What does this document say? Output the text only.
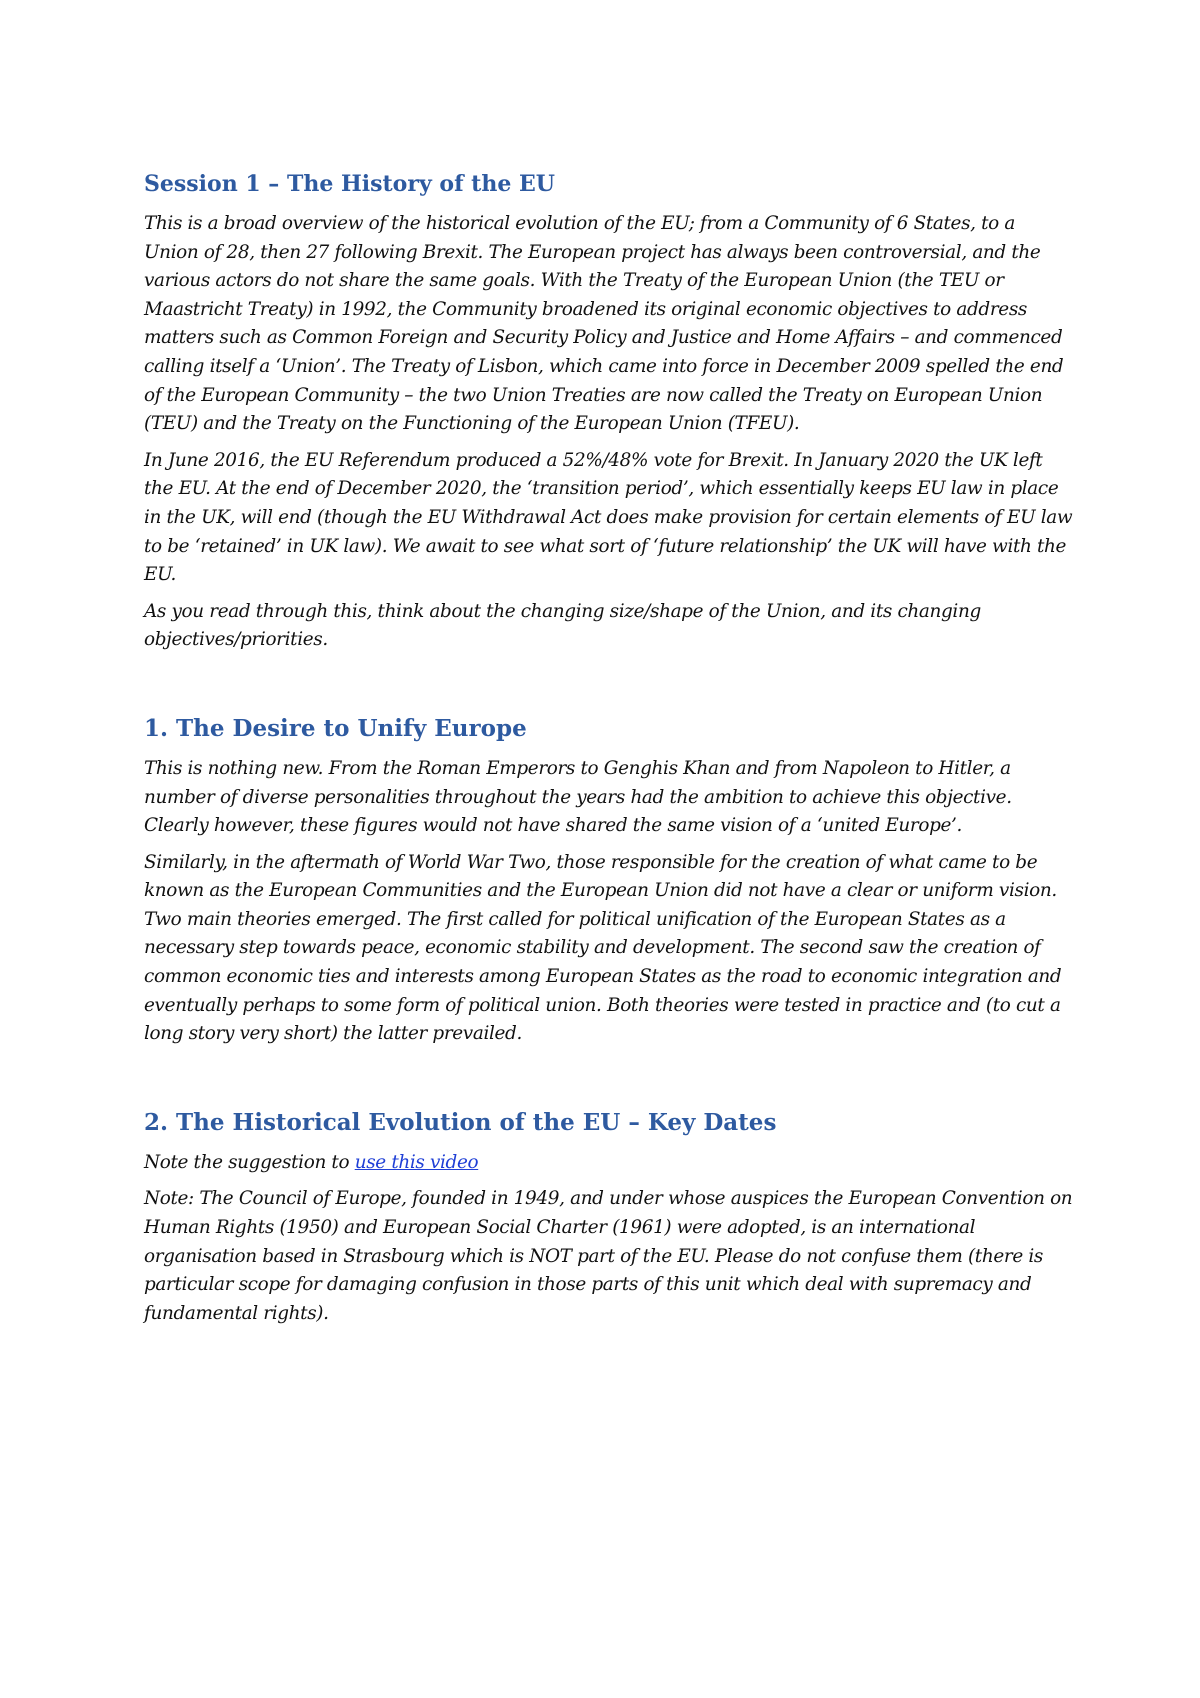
Session 1 – The History of the EU

This is a broad overview of the historical evolution of the EU; from a Community of 6 States, to a Union of 28, then 27 following Brexit. The European project has always been controversial, and the various actors do not share the same goals. With the Treaty of the European Union (the TEU or Maastricht Treaty) in 1992, the Community broadened its original economic objectives to address matters such as Common Foreign and Security Policy and Justice and Home Affairs – and commenced calling itself a ‘Union’. The Treaty of Lisbon, which came into force in December 2009 spelled the end of the European Community – the two Union Treaties are now called the Treaty on European Union (TEU) and the Treaty on the Functioning of the European Union (TFEU).

In June 2016, the EU Referendum produced a 52%/48% vote for Brexit. In January 2020 the UK left the EU. At the end of December 2020, the ‘transition period’, which essentially keeps EU law in place in the UK, will end (though the EU Withdrawal Act does make provision for certain elements of EU law to be ‘retained’ in UK law). We await to see what sort of ‘future relationship’ the UK will have with the EU.

As you read through this, think about the changing size/shape of the Union, and its changing objectives/priorities.

1. The Desire to Unify Europe

This is nothing new. From the Roman Emperors to Genghis Khan and from Napoleon to Hitler, a number of diverse personalities throughout the years had the ambition to achieve this objective. Clearly however, these figures would not have shared the same vision of a ‘united Europe’.

Similarly, in the aftermath of World War Two, those responsible for the creation of what came to be known as the European Communities and the European Union did not have a clear or uniform vision. Two main theories emerged. The first called for political unification of the European States as a necessary step towards peace, economic stability and development. The second saw the creation of common economic ties and interests among European States as the road to economic integration and eventually perhaps to some form of political union. Both theories were tested in practice and (to cut a long story very short) the latter prevailed.

2. The Historical Evolution of the EU – Key Dates

Note the suggestion to use this video

Note: The Council of Europe, founded in 1949, and under whose auspices the European Convention on Human Rights (1950) and European Social Charter (1961) were adopted, is an international organisation based in Strasbourg which is NOT part of the EU. Please do not confuse them (there is particular scope for damaging confusion in those parts of this unit which deal with supremacy and fundamental rights).
